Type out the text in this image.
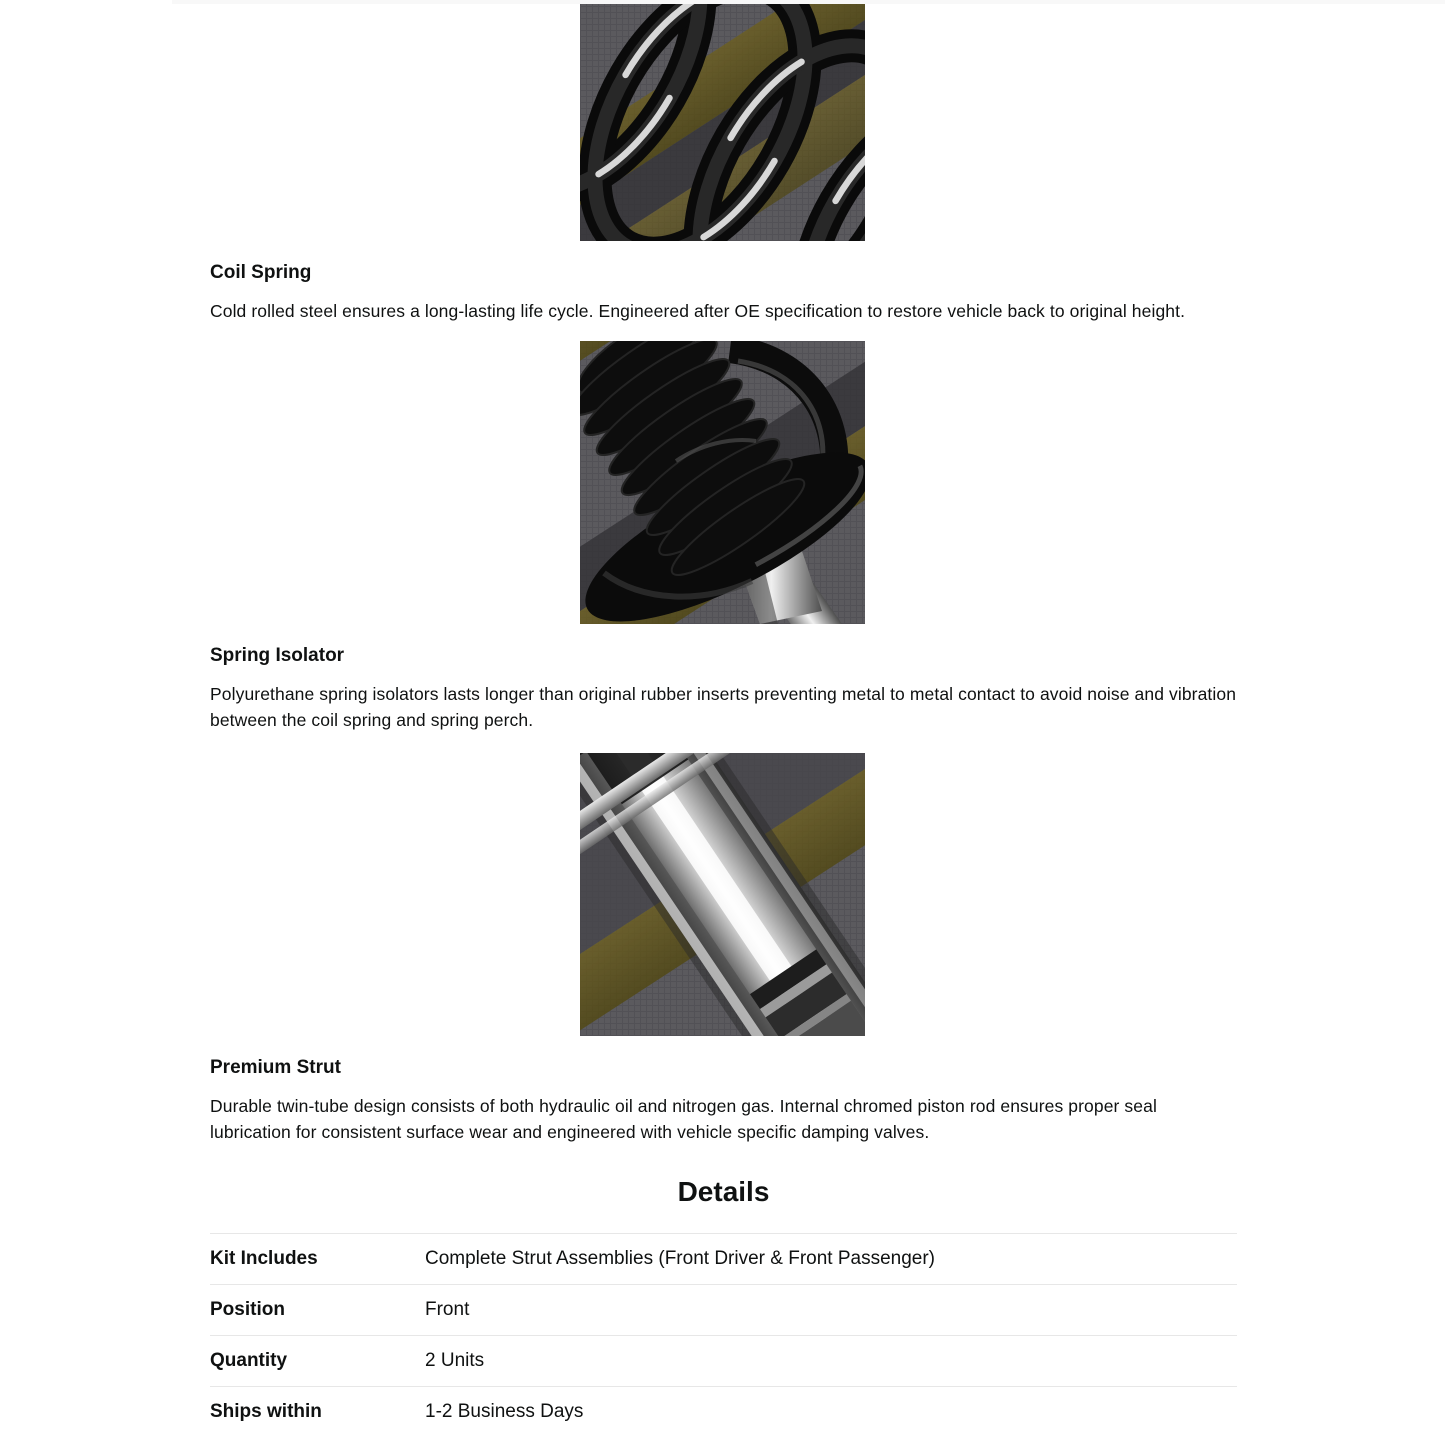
Coil Spring

Cold rolled steel ensures a long-lasting life cycle. Engineered after OE specification to restore vehicle back to original height.

Spring Isolator

Polyurethane spring isolators lasts longer than original rubber inserts preventing metal to metal contact to avoid noise and vibration between the coil spring and spring perch.

Premium Strut

Durable twin-tube design consists of both hydraulic oil and nitrogen gas. Internal chromed piston rod ensures proper seal lubrication for consistent surface wear and engineered with vehicle specific damping valves.

Details
Kit Includes	Complete Strut Assemblies (Front Driver & Front Passenger)
Position	Front
Quantity	2 Units
Ships within	1-2 Business Days
